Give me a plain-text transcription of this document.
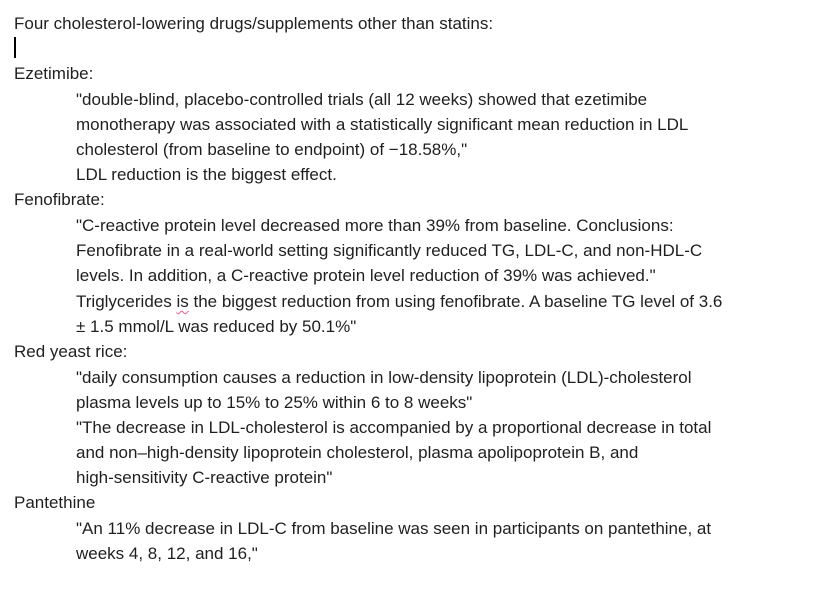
Four cholesterol-lowering drugs/supplements other than statins:
Ezetimibe:
"double-blind, placebo-controlled trials (all 12 weeks) showed that ezetimibe
monotherapy was associated with a statistically significant mean reduction in LDL
cholesterol (from baseline to endpoint) of −18.58%,"
LDL reduction is the biggest effect.
Fenofibrate:
"C-reactive protein level decreased more than 39% from baseline. Conclusions:
Fenofibrate in a real-world setting significantly reduced TG, LDL-C, and non-HDL-C
levels. In addition, a C-reactive protein level reduction of 39% was achieved."
Triglycerides is the biggest reduction from using fenofibrate. A baseline TG level of 3.6
± 1.5 mmol/L was reduced by 50.1%"
Red yeast rice:
"daily consumption causes a reduction in low-density lipoprotein (LDL)-cholesterol
plasma levels up to 15% to 25% within 6 to 8 weeks"
"The decrease in LDL-cholesterol is accompanied by a proportional decrease in total
and non–high-density lipoprotein cholesterol, plasma apolipoprotein B, and
high-sensitivity C-reactive protein"
Pantethine
"An 11% decrease in LDL-C from baseline was seen in participants on pantethine, at
weeks 4, 8, 12, and 16,"
